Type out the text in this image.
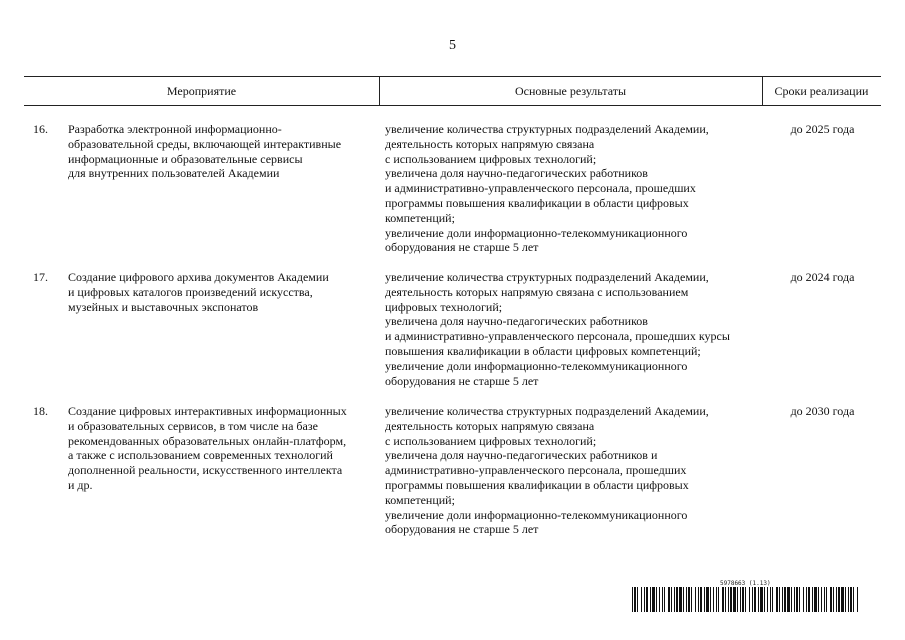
5
Мероприятие	Основные результаты	Сроки реализации
16. Разработка электронной информационно-
образовательной среды, включающей интерактивные
информационные и образовательные сервисы
для внутренних пользователей Академии
увеличение количества структурных подразделений Академии,
деятельность которых напрямую связана
с использованием цифровых технологий;
увеличена доля научно-педагогических работников
и административно-управленческого персонала, прошедших
программы повышения квалификации в области цифровых
компетенций;
увеличение доли информационно-телекоммуникационного
оборудования не старше 5 лет
до 2025 года
17. Создание цифрового архива документов Академии
и цифровых каталогов произведений искусства,
музейных и выставочных экспонатов
увеличение количества структурных подразделений Академии,
деятельность которых напрямую связана с использованием
цифровых технологий;
увеличена доля научно-педагогических работников
и административно-управленческого персонала, прошедших курсы
повышения квалификации в области цифровых компетенций;
увеличение доли информационно-телекоммуникационного
оборудования не старше 5 лет
до 2024 года
18. Создание цифровых интерактивных информационных
и образовательных сервисов, в том числе на базе
рекомендованных образовательных онлайн-платформ,
а также с использованием современных технологий
дополненной реальности, искусственного интеллекта
и др.
увеличение количества структурных подразделений Академии,
деятельность которых напрямую связана
с использованием цифровых технологий;
увеличена доля научно-педагогических работников и
административно-управленческого персонала, прошедших
программы повышения квалификации в области цифровых
компетенций;
увеличение доли информационно-телекоммуникационного
оборудования не старше 5 лет
до 2030 года
5978663 (1.13)
